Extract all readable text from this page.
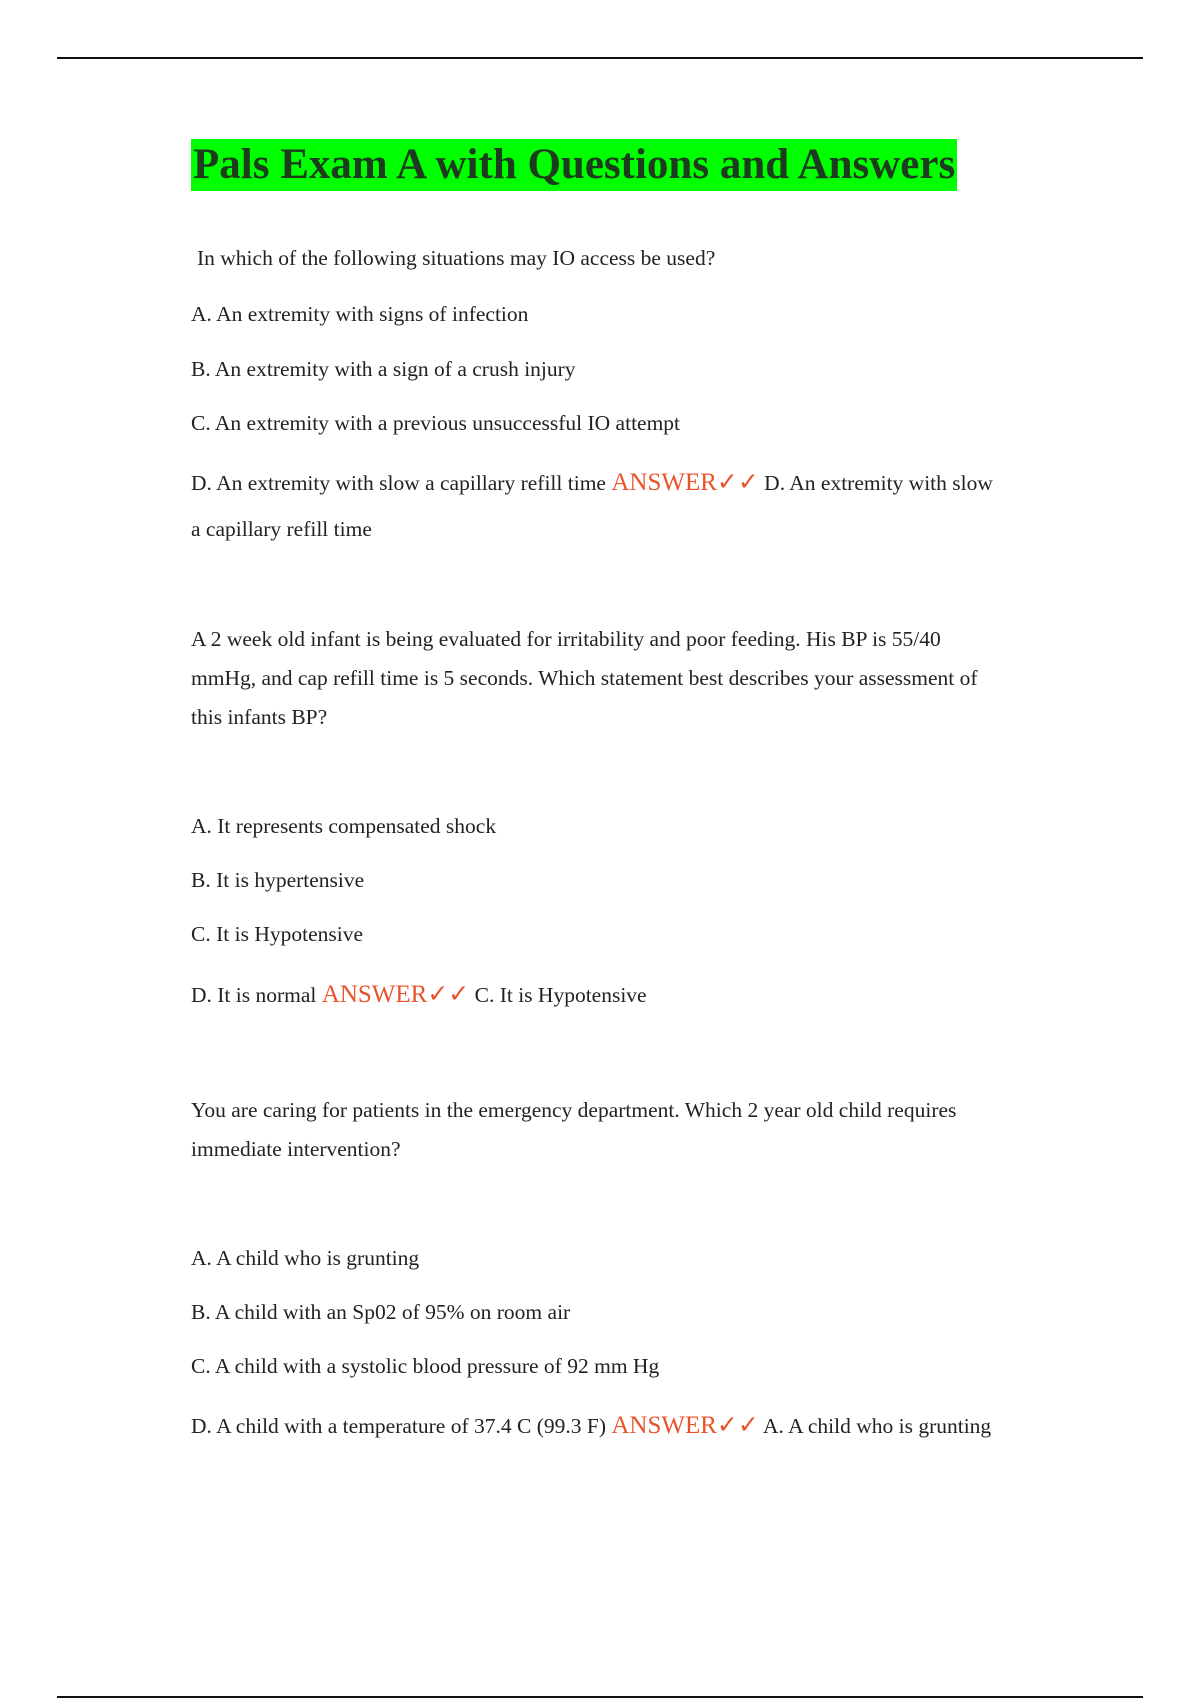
Pals Exam A with Questions and Answers
In which of the following situations may IO access be used?
A. An extremity with signs of infection
B. An extremity with a sign of a crush injury
C. An extremity with a previous unsuccessful IO attempt
D. An extremity with slow a capillary refill time ANSWER✓✓ D. An extremity with slow
a capillary refill time
A 2 week old infant is being evaluated for irritability and poor feeding. His BP is 55/40
mmHg, and cap refill time is 5 seconds. Which statement best describes your assessment of
this infants BP?
A. It represents compensated shock
B. It is hypertensive
C. It is Hypotensive
D. It is normal ANSWER✓✓ C. It is Hypotensive
You are caring for patients in the emergency department. Which 2 year old child requires
immediate intervention?
A. A child who is grunting
B. A child with an Sp02 of 95% on room air
C. A child with a systolic blood pressure of 92 mm Hg
D. A child with a temperature of 37.4 C (99.3 F) ANSWER✓✓ A. A child who is grunting
